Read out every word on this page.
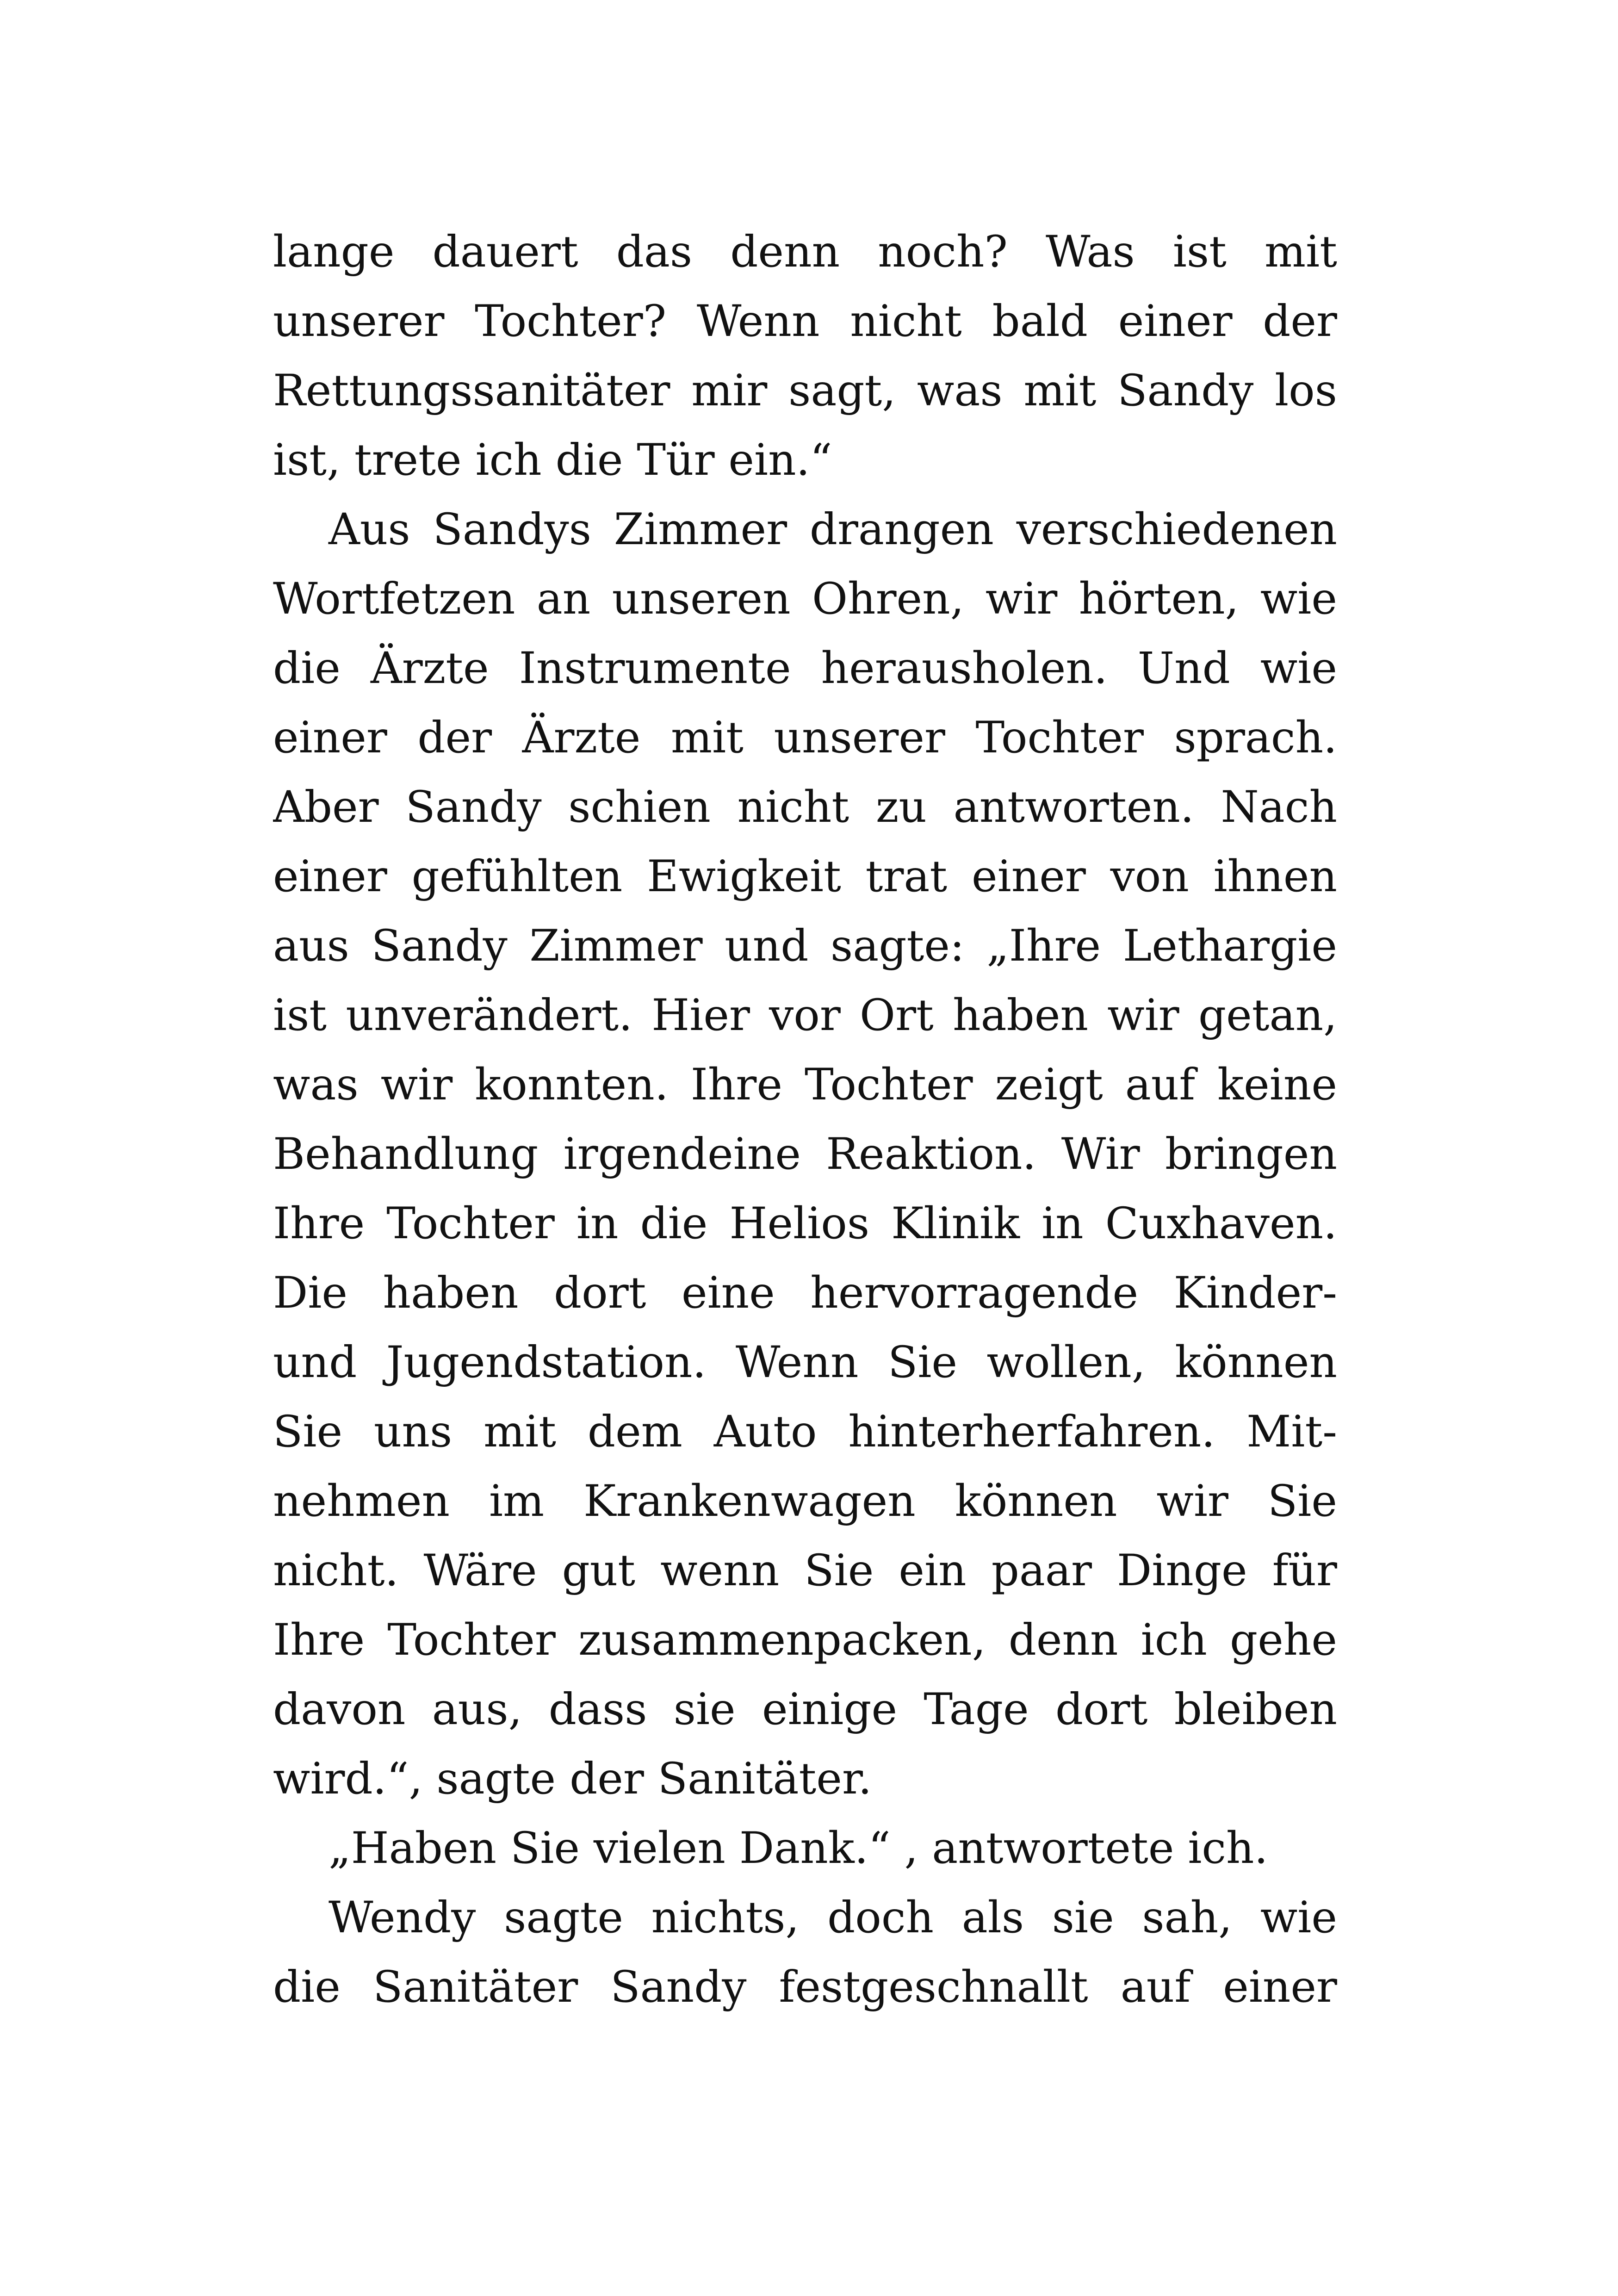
lange dauert das denn noch? Was ist mit
unserer Tochter? Wenn nicht bald einer der
Rettungssanitäter mir sagt, was mit Sandy los
ist, trete ich die Tür ein.“
Aus Sandys Zimmer drangen verschiedenen
Wortfetzen an unseren Ohren, wir hörten, wie
die Ärzte Instrumente herausholen. Und wie
einer der Ärzte mit unserer Tochter sprach.
Aber Sandy schien nicht zu antworten. Nach
einer gefühlten Ewigkeit trat einer von ihnen
aus Sandy Zimmer und sagte: „Ihre Lethargie
ist unverändert. Hier vor Ort haben wir getan,
was wir konnten. Ihre Tochter zeigt auf keine
Behandlung irgendeine Reaktion. Wir bringen
Ihre Tochter in die Helios Klinik in Cuxhaven.
Die haben dort eine hervorragende Kinder-
und Jugendstation. Wenn Sie wollen, können
Sie uns mit dem Auto hinterherfahren. Mit-
nehmen im Krankenwagen können wir Sie
nicht. Wäre gut wenn Sie ein paar Dinge für
Ihre Tochter zusammenpacken, denn ich gehe
davon aus, dass sie einige Tage dort bleiben
wird.“, sagte der Sanitäter.
„Haben Sie vielen Dank.“ , antwortete ich.
Wendy sagte nichts, doch als sie sah, wie
die Sanitäter Sandy festgeschnallt auf einer
